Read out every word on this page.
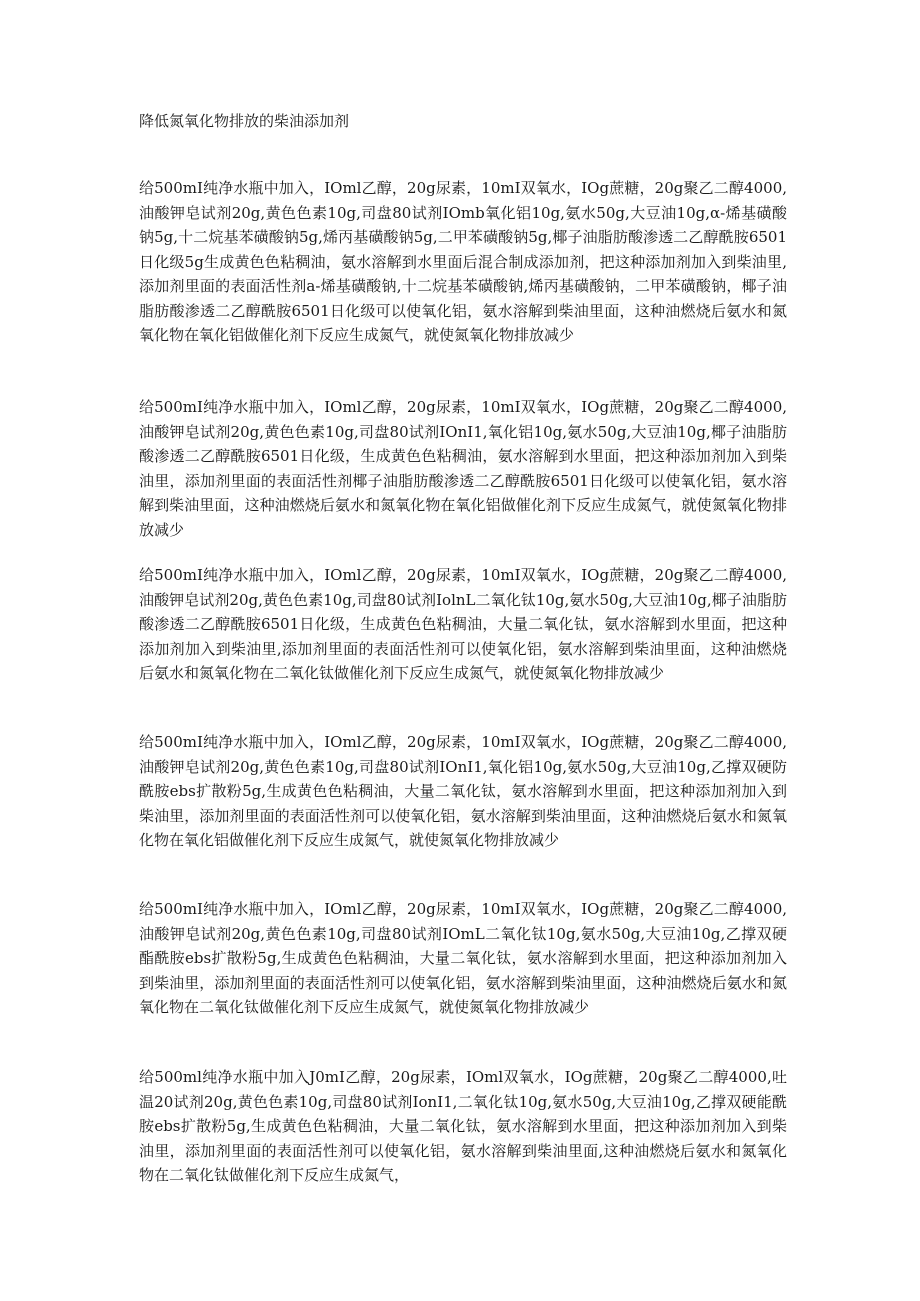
降低氮氧化物排放的柴油添加剂

给500mI纯净水瓶中加入，IOml乙醇，20g尿素，10mI双氧水，IOg蔗糖，20g聚乙二醇4000,油酸钾皂试剂20g,黄色色素10g,司盘80试剂IOmb氧化铝10g,氨水50g,大豆油10g,α-烯基磺酸钠5g,十二烷基苯磺酸钠5g,烯丙基磺酸钠5g,二甲苯磺酸钠5g,椰子油脂肪酸渗透二乙醇酰胺6501日化级5g生成黄色色粘稠油，氨水溶解到水里面后混合制成添加剂，把这种添加剂加入到柴油里,添加剂里面的表面活性剂a-烯基磺酸钠,十二烷基苯磺酸钠,烯丙基磺酸钠，二甲苯磺酸钠，椰子油脂肪酸渗透二乙醇酰胺6501日化级可以使氧化铝，氨水溶解到柴油里面，这种油燃烧后氨水和氮氧化物在氧化铝做催化剂下反应生成氮气，就使氮氧化物排放减少

给500mI纯净水瓶中加入，IOml乙醇，20g尿素，10mI双氧水，IOg蔗糖，20g聚乙二醇4000,油酸钾皂试剂20g,黄色色素10g,司盘80试剂IOnI1,氧化铝10g,氨水50g,大豆油10g,椰子油脂肪酸渗透二乙醇酰胺6501日化级，生成黄色色粘稠油，氨水溶解到水里面，把这种添加剂加入到柴油里，添加剂里面的表面活性剂椰子油脂肪酸渗透二乙醇酰胺6501日化级可以使氧化铝，氨水溶解到柴油里面，这种油燃烧后氨水和氮氧化物在氧化铝做催化剂下反应生成氮气，就使氮氧化物排放减少

给500mI纯净水瓶中加入，IOml乙醇，20g尿素，10mI双氧水，IOg蔗糖，20g聚乙二醇4000,油酸钾皂试剂20g,黄色色素10g,司盘80试剂IolnL二氧化钛10g,氨水50g,大豆油10g,椰子油脂肪酸渗透二乙醇酰胺6501日化级，生成黄色色粘稠油，大量二氧化钛，氨水溶解到水里面，把这种添加剂加入到柴油里,添加剂里面的表面活性剂可以使氧化铝，氨水溶解到柴油里面，这种油燃烧后氨水和氮氧化物在二氧化钛做催化剂下反应生成氮气，就使氮氧化物排放减少

给500mI纯净水瓶中加入，IOml乙醇，20g尿素，10mI双氧水，IOg蔗糖，20g聚乙二醇4000,油酸钾皂试剂20g,黄色色素10g,司盘80试剂IOnI1,氧化铝10g,氨水50g,大豆油10g,乙撑双硬防酰胺ebs扩散粉5g,生成黄色色粘稠油，大量二氧化钛，氨水溶解到水里面，把这种添加剂加入到柴油里，添加剂里面的表面活性剂可以使氧化铝，氨水溶解到柴油里面，这种油燃烧后氨水和氮氧化物在氧化铝做催化剂下反应生成氮气，就使氮氧化物排放减少

给500mI纯净水瓶中加入，IOml乙醇，20g尿素，10mI双氧水，IOg蔗糖，20g聚乙二醇4000,油酸钾皂试剂20g,黄色色素10g,司盘80试剂IOmL二氧化钛10g,氨水50g,大豆油10g,乙撑双硬酯酰胺ebs扩散粉5g,生成黄色色粘稠油，大量二氧化钛，氨水溶解到水里面，把这种添加剂加入到柴油里，添加剂里面的表面活性剂可以使氧化铝，氨水溶解到柴油里面，这种油燃烧后氨水和氮氧化物在二氧化钛做催化剂下反应生成氮气，就使氮氧化物排放减少

给500ml纯净水瓶中加入J0mI乙醇，20g尿素，IOml双氧水，IOg蔗糖，20g聚乙二醇4000,吐温20试剂20g,黄色色素10g,司盘80试剂IonI1,二氧化钛10g,氨水50g,大豆油10g,乙撑双硬能酰胺ebs扩散粉5g,生成黄色色粘稠油，大量二氧化钛，氨水溶解到水里面，把这种添加剂加入到柴油里，添加剂里面的表面活性剂可以使氧化铝，氨水溶解到柴油里面,这种油燃烧后氨水和氮氧化物在二氧化钛做催化剂下反应生成氮气，
